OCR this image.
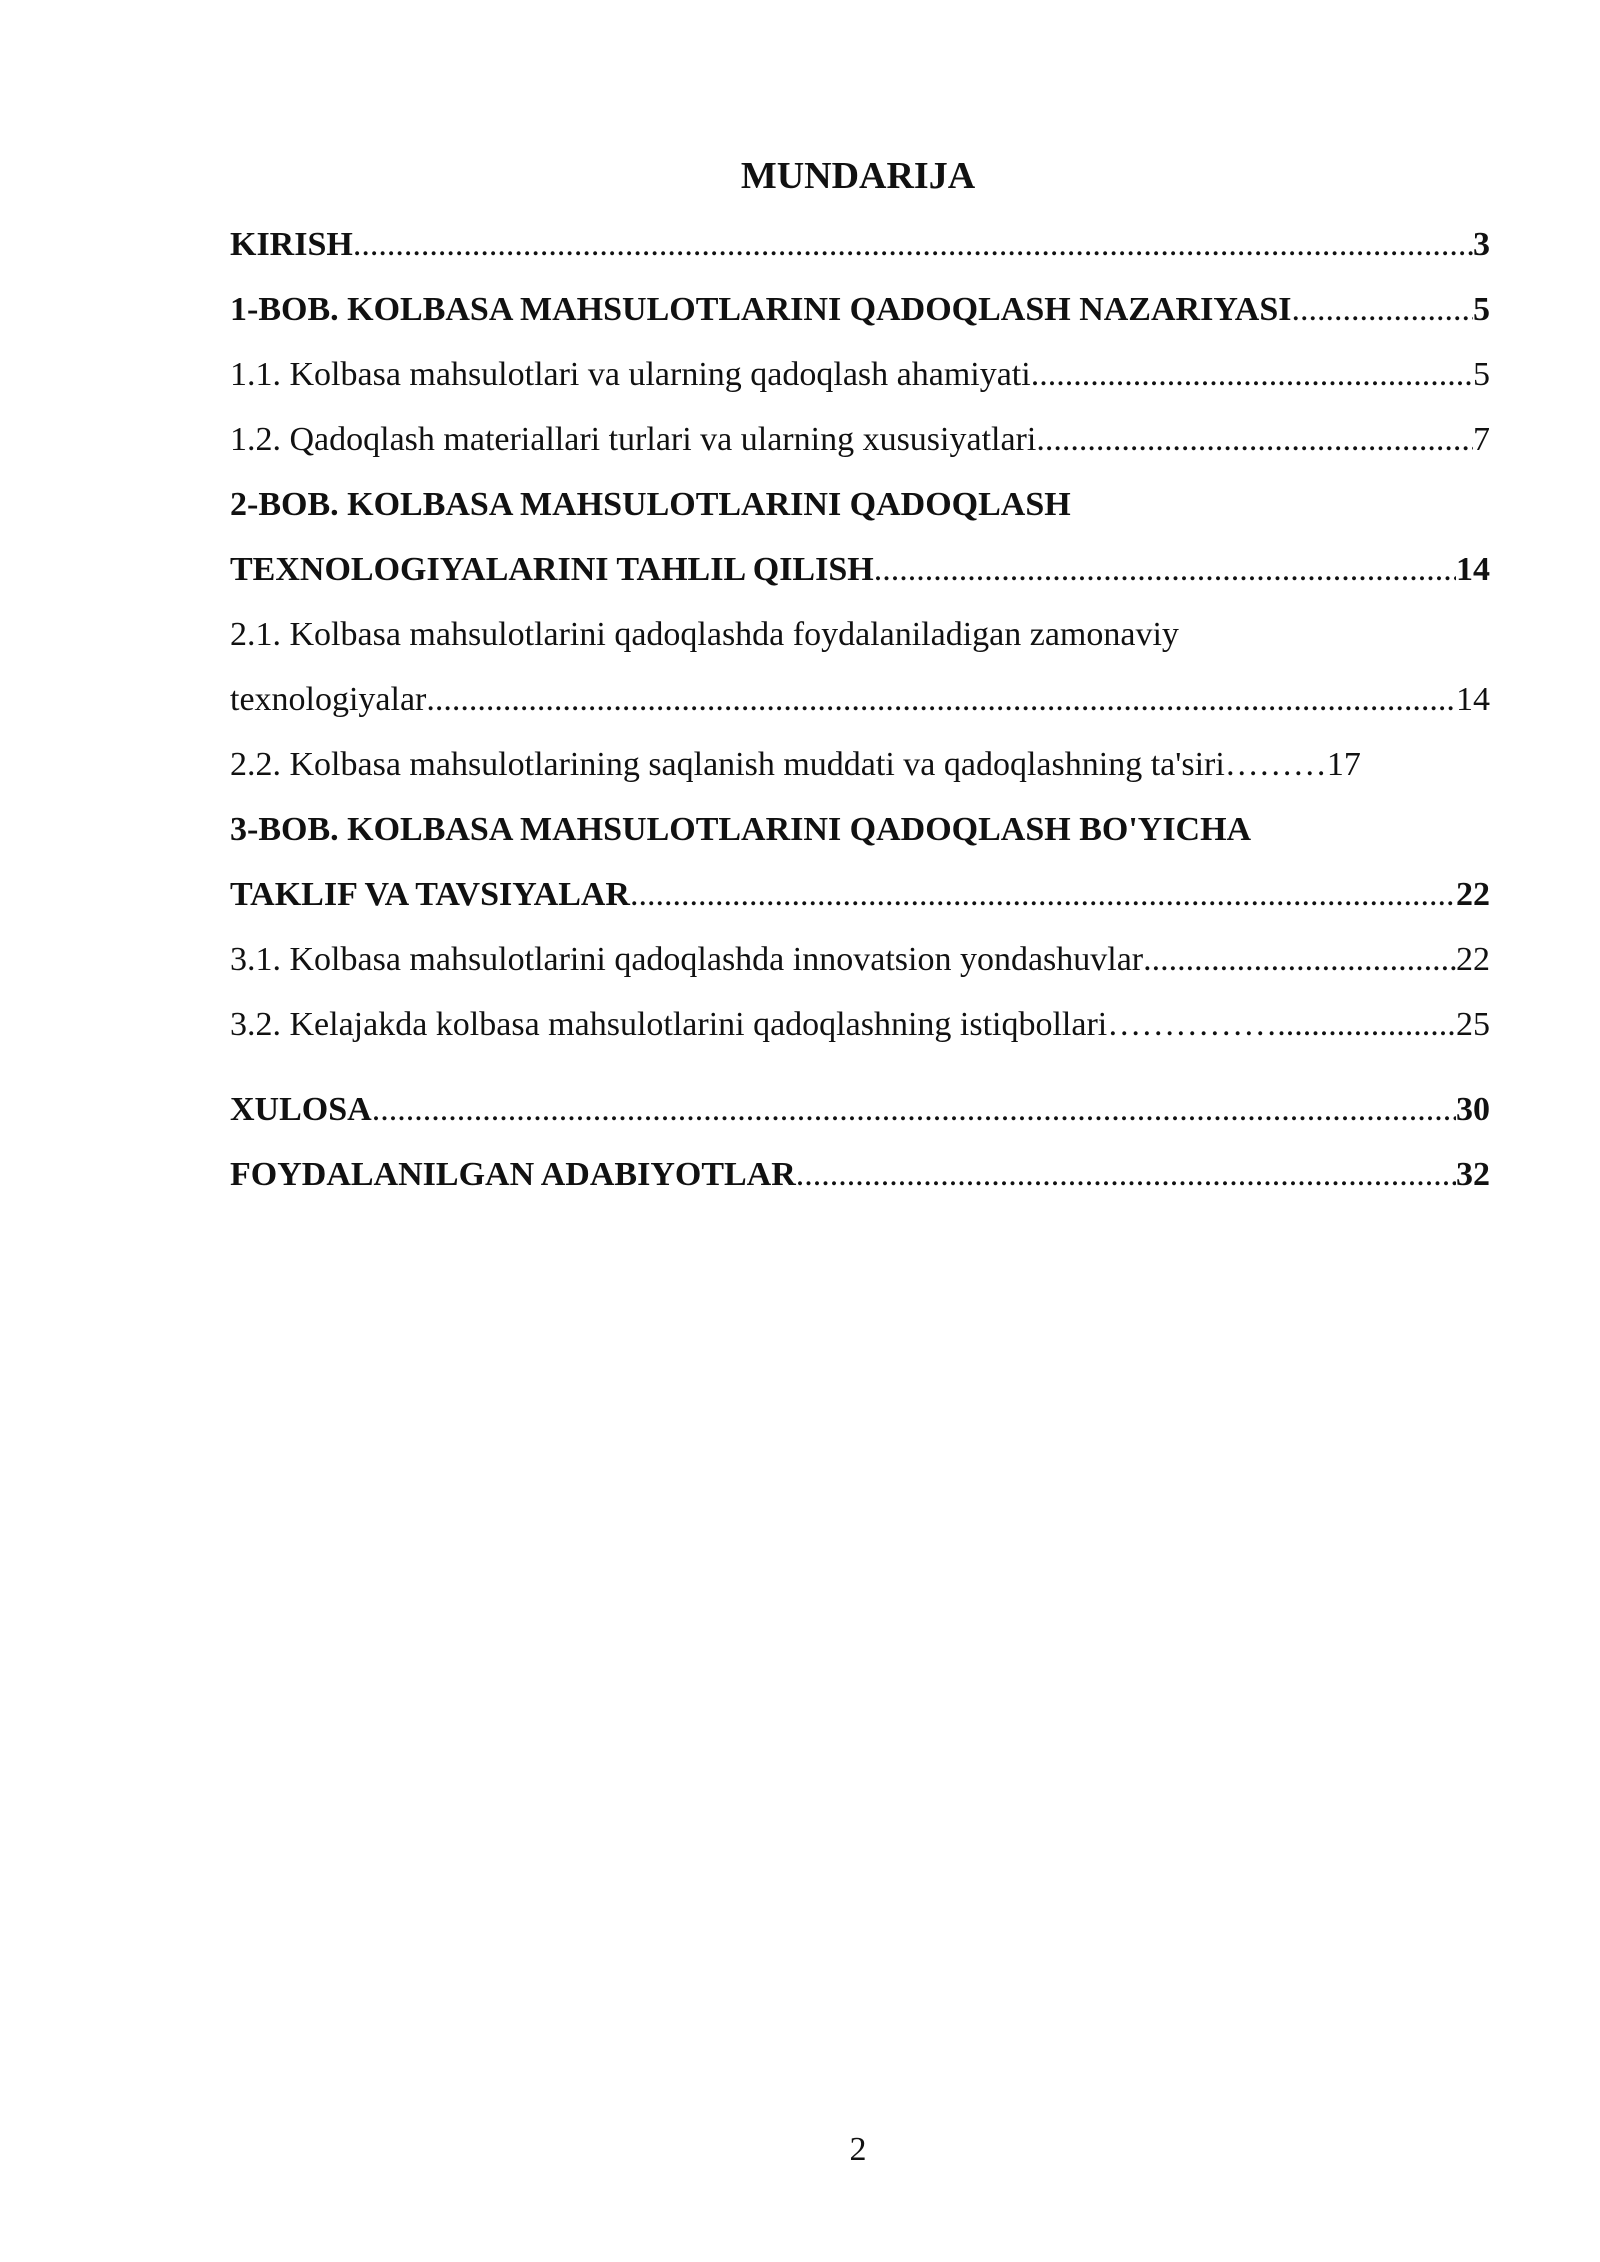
MUNDARIJA
KIRISH .....	3
1-BOB. KOLBASA MAHSULOTLARINI QADOQLASH NAZARIYASI .....	5
1.1. Kolbasa mahsulotlari va ularning qadoqlash ahamiyati .....	5
1.2. Qadoqlash materiallari turlari va ularning xususiyatlari .....	7
2-BOB. KOLBASA MAHSULOTLARINI QADOQLASH
TEXNOLOGIYALARINI TAHLIL QILISH .....	14
2.1. Kolbasa mahsulotlarini qadoqlashda foydalaniladigan zamonaviy
texnologiyalar .....	14
2.2. Kolbasa mahsulotlarining saqlanish muddati va qadoqlashning ta'siri……… 17
3-BOB. KOLBASA MAHSULOTLARINI QADOQLASH BO'YICHA
TAKLIF VA TAVSIYALAR .....	22
3.1. Kolbasa mahsulotlarini qadoqlashda innovatsion yondashuvlar .....	22
3.2. Kelajakda kolbasa mahsulotlarini qadoqlashning istiqbollari…………… .....	25
XULOSA .....	30
FOYDALANILGAN ADABIYOTLAR .....	32
2
